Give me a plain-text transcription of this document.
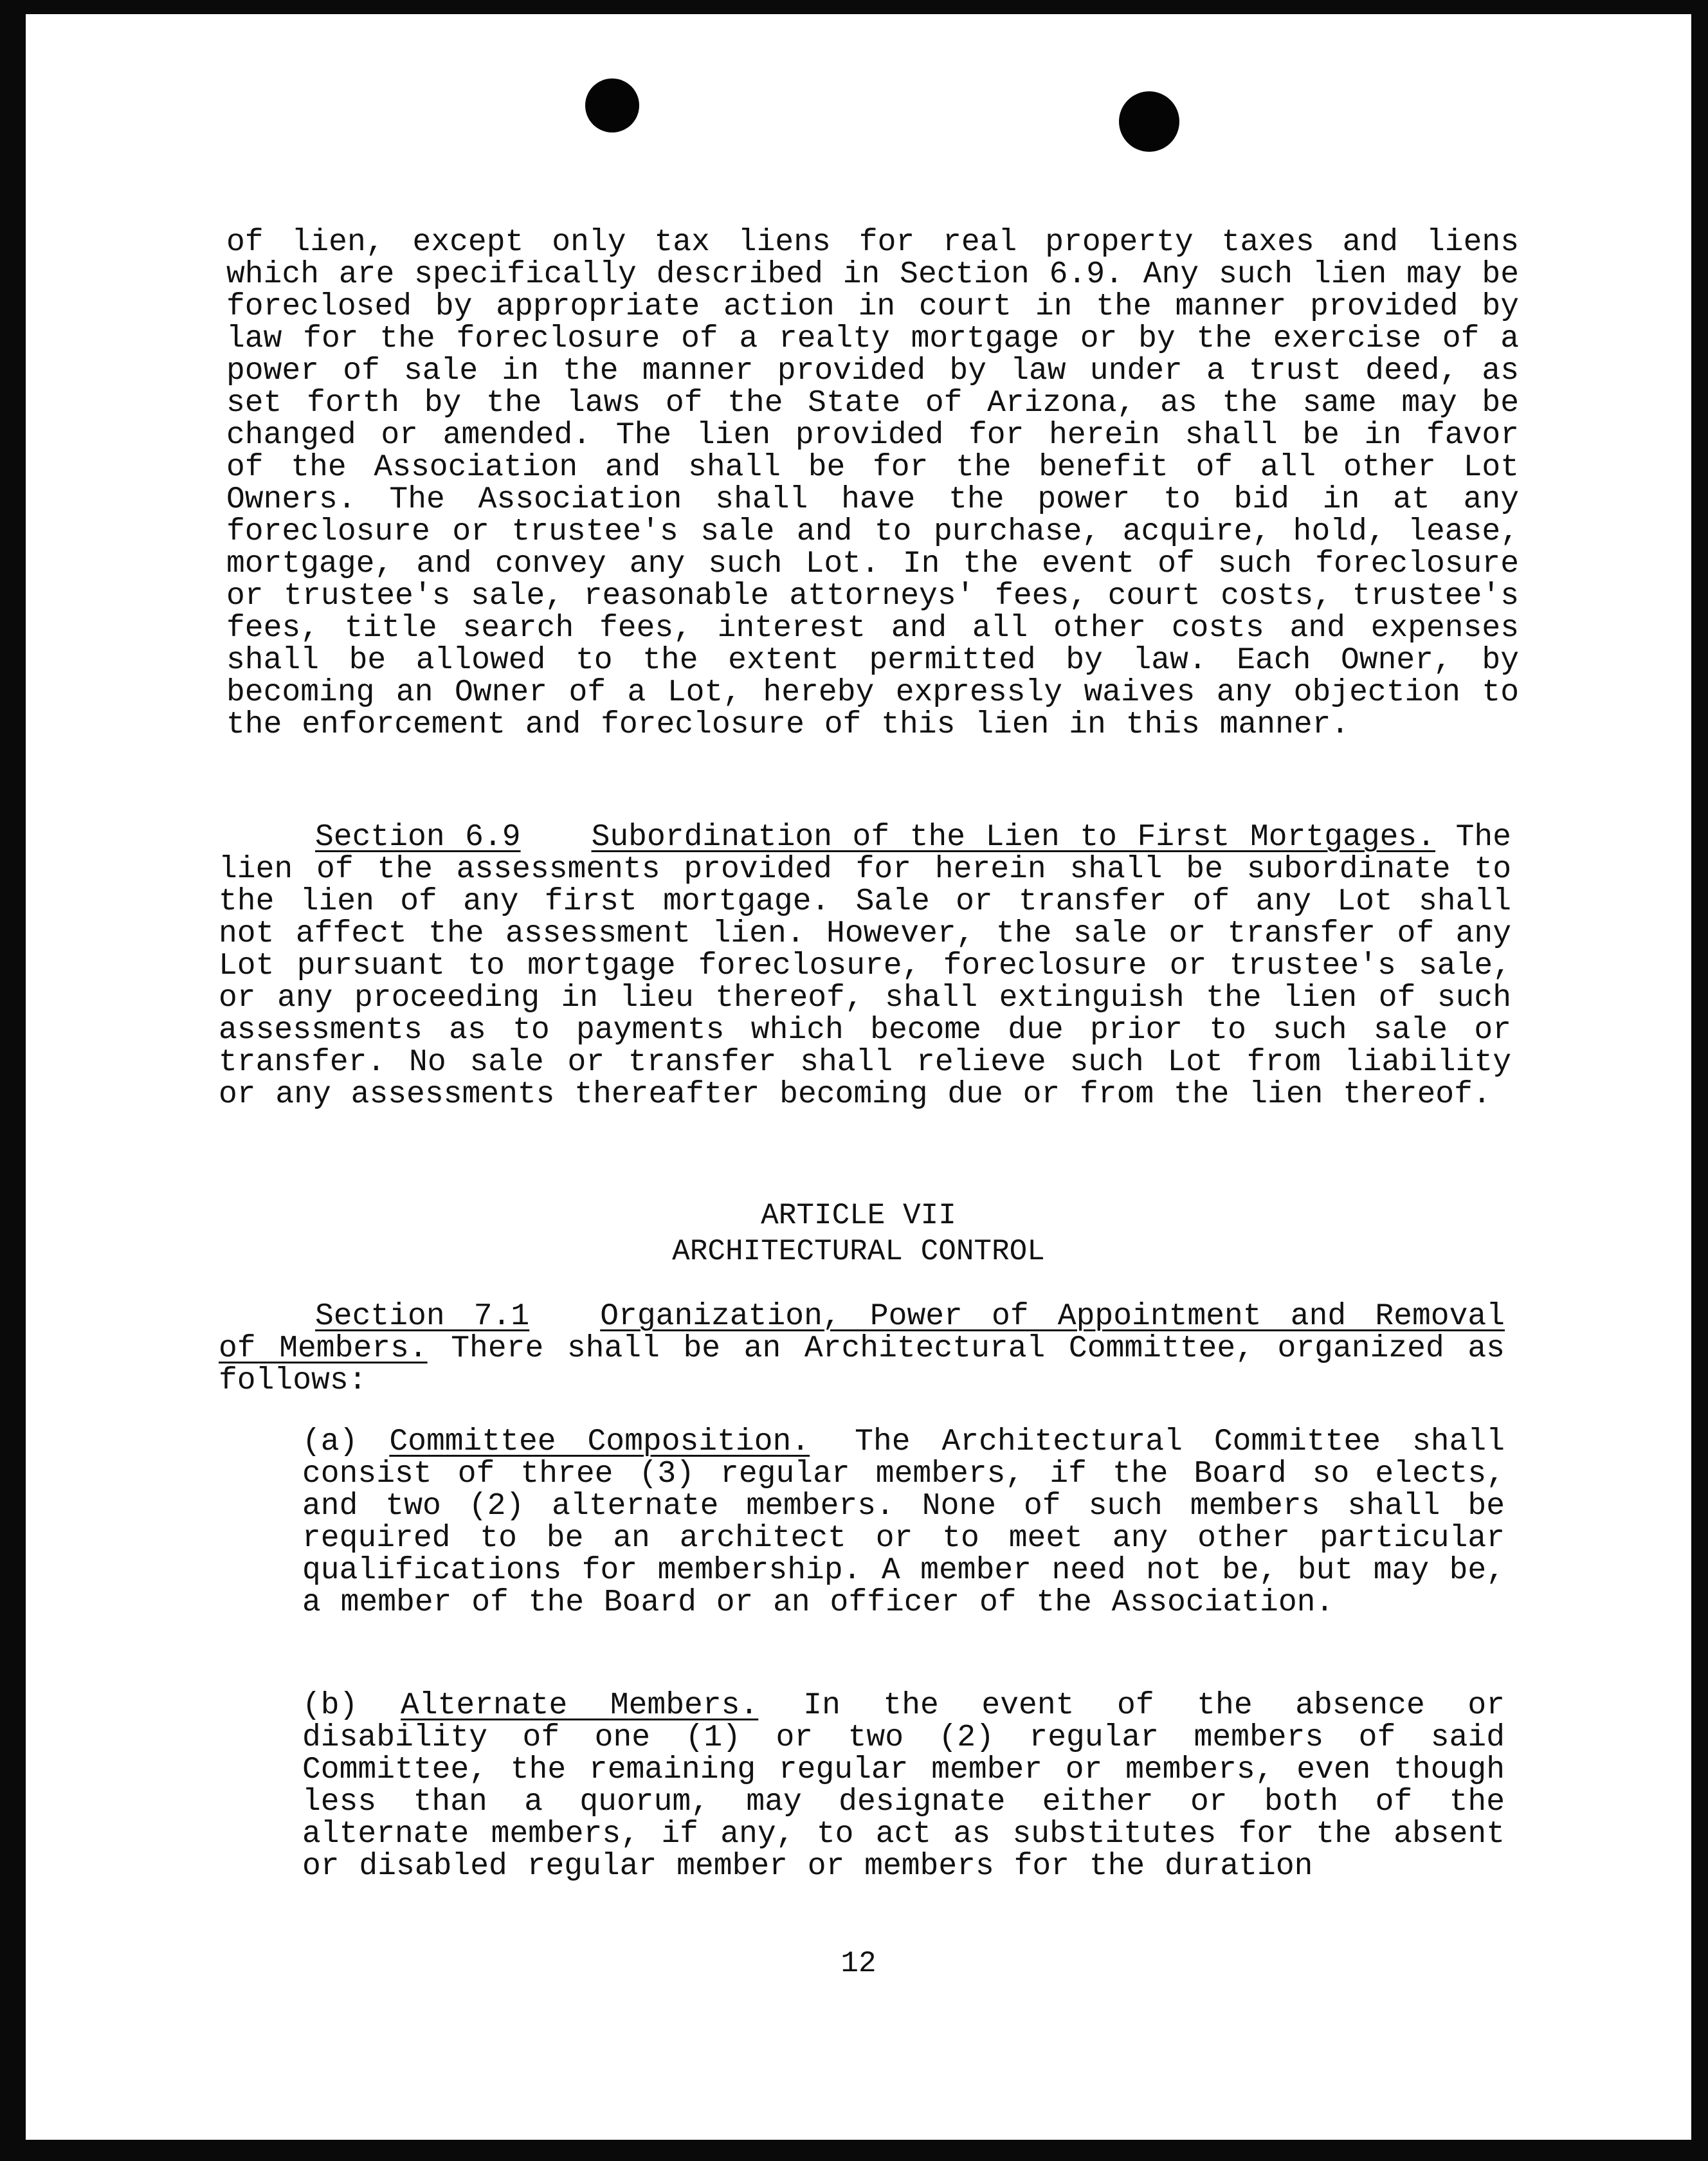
of lien, except only tax liens for real property taxes and liens which are specifically described in Section 6.9. Any such lien may be foreclosed by appropriate action in court in the manner provided by law for the foreclosure of a realty mortgage or by the exercise of a power of sale in the manner provided by law under a trust deed, as set forth by the laws of the State of Arizona, as the same may be changed or amended. The lien provided for herein shall be in favor of the Association and shall be for the benefit of all other Lot Owners. The Association shall have the power to bid in at any foreclosure or trustee's sale and to purchase, acquire, hold, lease, mortgage, and convey any such Lot. In the event of such foreclosure or trustee's sale, reasonable attorneys' fees, court costs, trustee's fees, title search fees, interest and all other costs and expenses shall be allowed to the extent permitted by law. Each Owner, by becoming an Owner of a Lot, hereby expressly waives any objection to the enforcement and foreclosure of this lien in this manner.
Section 6.9 Subordination of the Lien to First Mortgages. The lien of the assessments provided for herein shall be subordinate to the lien of any first mortgage. Sale or transfer of any Lot shall not affect the assessment lien. However, the sale or transfer of any Lot pursuant to mortgage foreclosure, foreclosure or trustee's sale, or any proceeding in lieu thereof, shall extinguish the lien of such assessments as to payments which become due prior to such sale or transfer. No sale or transfer shall relieve such Lot from liability or any assessments thereafter becoming due or from the lien thereof.
ARTICLE VII
ARCHITECTURAL CONTROL
Section 7.1 Organization, Power of Appointment and Removal of Members. There shall be an Architectural Committee, organized as follows:
(a) Committee Composition. The Architectural Committee shall consist of three (3) regular members, if the Board so elects, and two (2) alternate members. None of such members shall be required to be an architect or to meet any other particular qualifications for membership. A member need not be, but may be, a member of the Board or an officer of the Association.
(b) Alternate Members. In the event of the absence or disability of one (1) or two (2) regular members of said Committee, the remaining regular member or members, even though less than a quorum, may designate either or both of the alternate members, if any, to act as substitutes for the absent or disabled regular member or members for the duration
12
